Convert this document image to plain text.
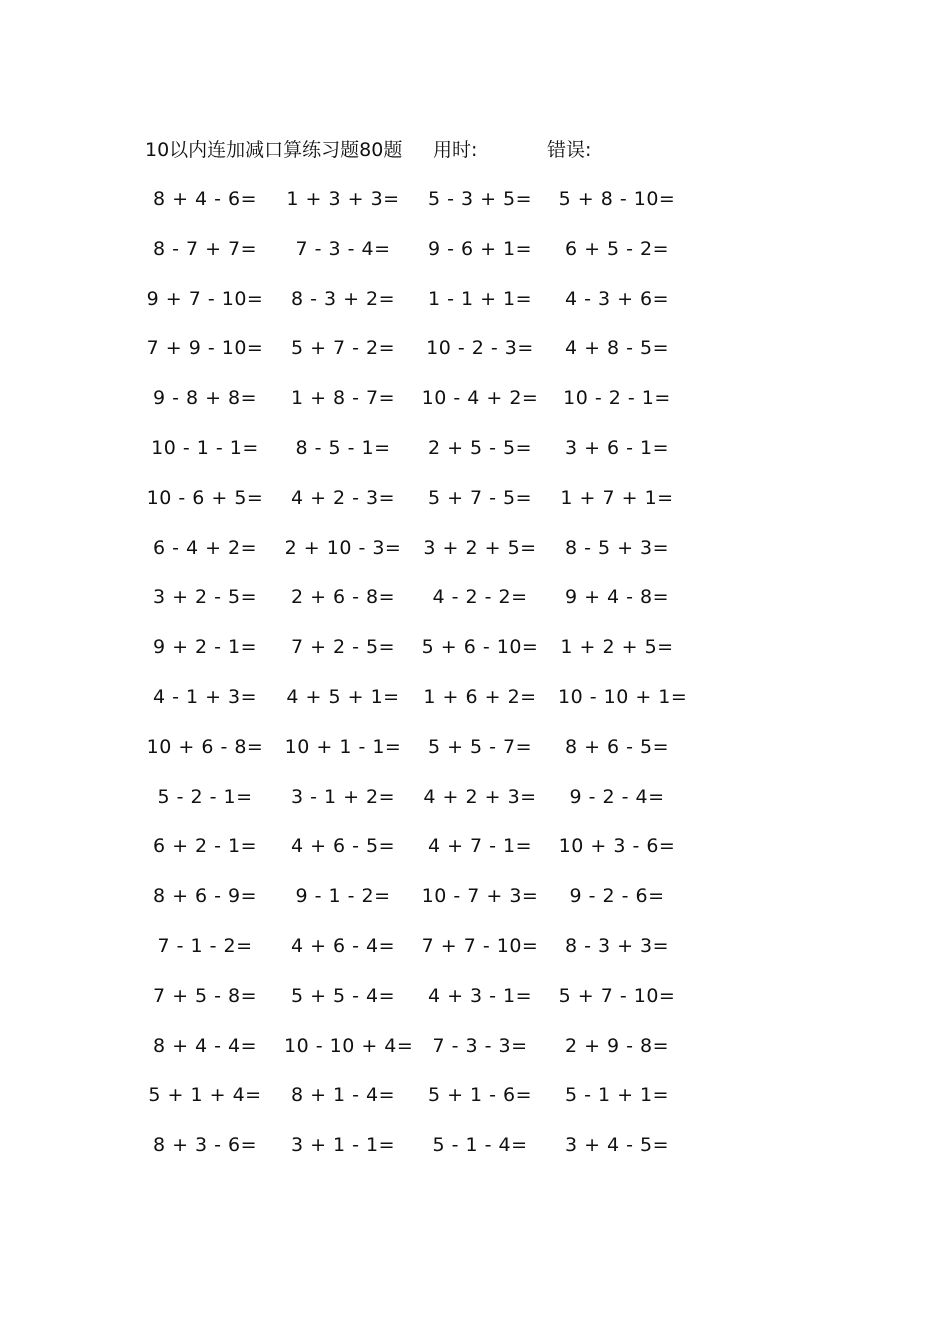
10以内连加减口算练习题80题 用时:	错误:
8 + 4 - 6=	1 + 3 + 3=	5 - 3 + 5=	5 + 8 - 10=
8 - 7 + 7=	7 - 3 - 4=	9 - 6 + 1=	6 + 5 - 2=
9 + 7 - 10=	8 - 3 + 2=	1 - 1 + 1=	4 - 3 + 6=
7 + 9 - 10=	5 + 7 - 2=	10 - 2 - 3=	4 + 8 - 5=
9 - 8 + 8=	1 + 8 - 7=	10 - 4 + 2= 10 - 2 - 1=
10 - 1 - 1=	8 - 5 - 1=	2 + 5 - 5=	3 + 6 - 1=
10 - 6 + 5=	4 + 2 - 3=	5 + 7 - 5=	1 + 7 + 1=
6 - 4 + 2=	2 + 10 - 3= 3 + 2 + 5=	8 - 5 + 3=
3 + 2 - 5=	2 + 6 - 8=	4 - 2 - 2=	9 + 4 - 8=
9 + 2 - 1=	7 + 2 - 5=	5 + 6 - 10= 1 + 2 + 5=
4 - 1 + 3=	4 + 5 + 1= 1 + 6 + 2= 10 - 10 + 1=
10 + 6 - 8= 10 + 1 - 1=	5 + 5 - 7=	8 + 6 - 5=
5 - 2 - 1=	3 - 1 + 2=	4 + 2 + 3=	9 - 2 - 4=
6 + 2 - 1=	4 + 6 - 5=	4 + 7 - 1=	10 + 3 - 6=
8 + 6 - 9=	9 - 1 - 2=	10 - 7 + 3=	9 - 2 - 6=
7 - 1 - 2=	4 + 6 - 4=	7 + 7 - 10=	8 - 3 + 3=
7 + 5 - 8=	5 + 5 - 4=	4 + 3 - 1=	5 + 7 - 10=
8 + 4 - 4=	10 - 10 + 4=	7 - 3 - 3=	2 + 9 - 8=
5 + 1 + 4=	8 + 1 - 4=	5 + 1 - 6=	5 - 1 + 1=
8 + 3 - 6=	3 + 1 - 1=	5 - 1 - 4=	3 + 4 - 5=
